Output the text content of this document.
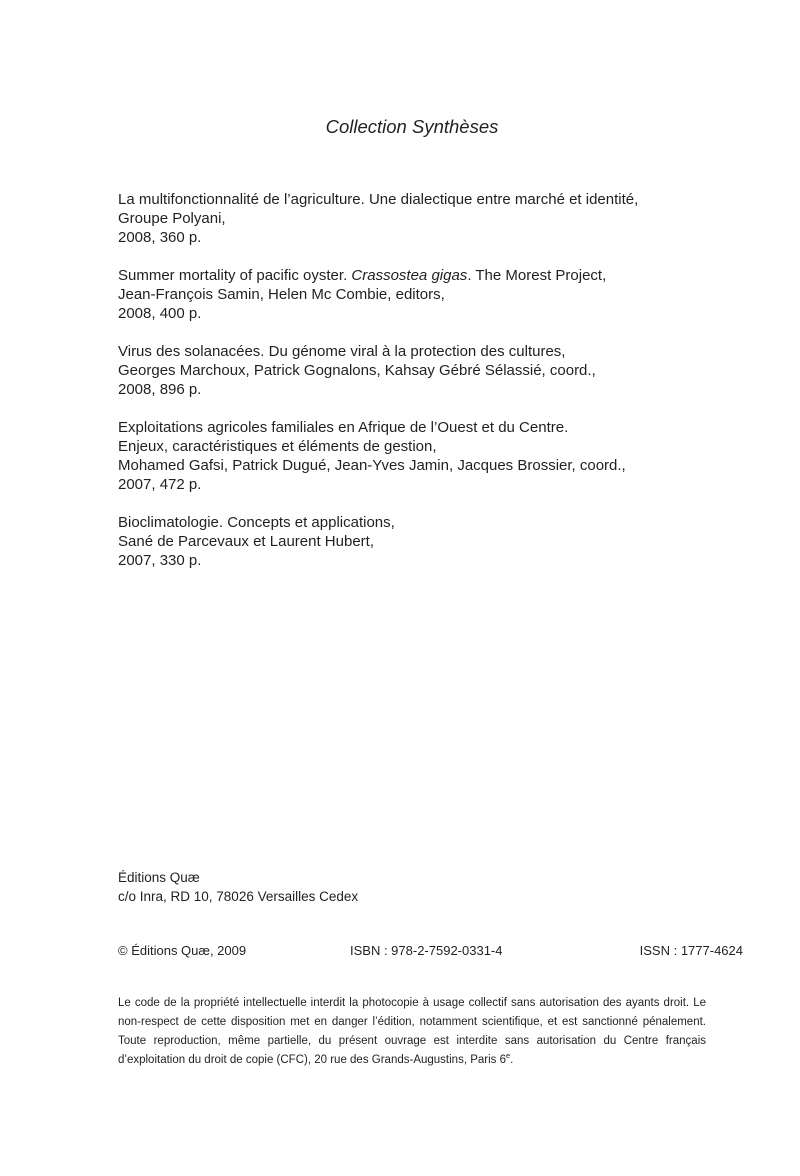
Collection Synthèses
La multifonctionnalité de l’agriculture. Une dialectique entre marché et identité,
Groupe Polyani,
2008, 360 p.
Summer mortality of pacific oyster. Crassostea gigas. The Morest Project,
Jean-François Samin, Helen Mc Combie, editors,
2008, 400 p.
Virus des solanacées. Du génome viral à la protection des cultures,
Georges Marchoux, Patrick Gognalons, Kahsay Gébré Sélassié, coord.,
2008, 896 p.
Exploitations agricoles familiales en Afrique de l’Ouest et du Centre.
Enjeux, caractéristiques et éléments de gestion,
Mohamed Gafsi, Patrick Dugué, Jean-Yves Jamin, Jacques Brossier, coord.,
2007, 472 p.
Bioclimatologie. Concepts et applications,
Sané de Parcevaux et Laurent Hubert,
2007, 330 p.
Éditions Quæ
c/o Inra, RD 10, 78026 Versailles Cedex
© Éditions Quæ, 2009	ISBN : 978-2-7592-0331-4	ISSN : 1777-4624
Le code de la propriété intellectuelle interdit la photocopie à usage collectif sans autorisation des ayants droit. Le
non-respect de cette disposition met en danger l’édition, notamment scientifique, et est sanctionné pénalement.
Toute reproduction, même partielle, du présent ouvrage est interdite sans autorisation du Centre français
d’exploitation du droit de copie (CFC), 20 rue des Grands-Augustins, Paris 6e.
